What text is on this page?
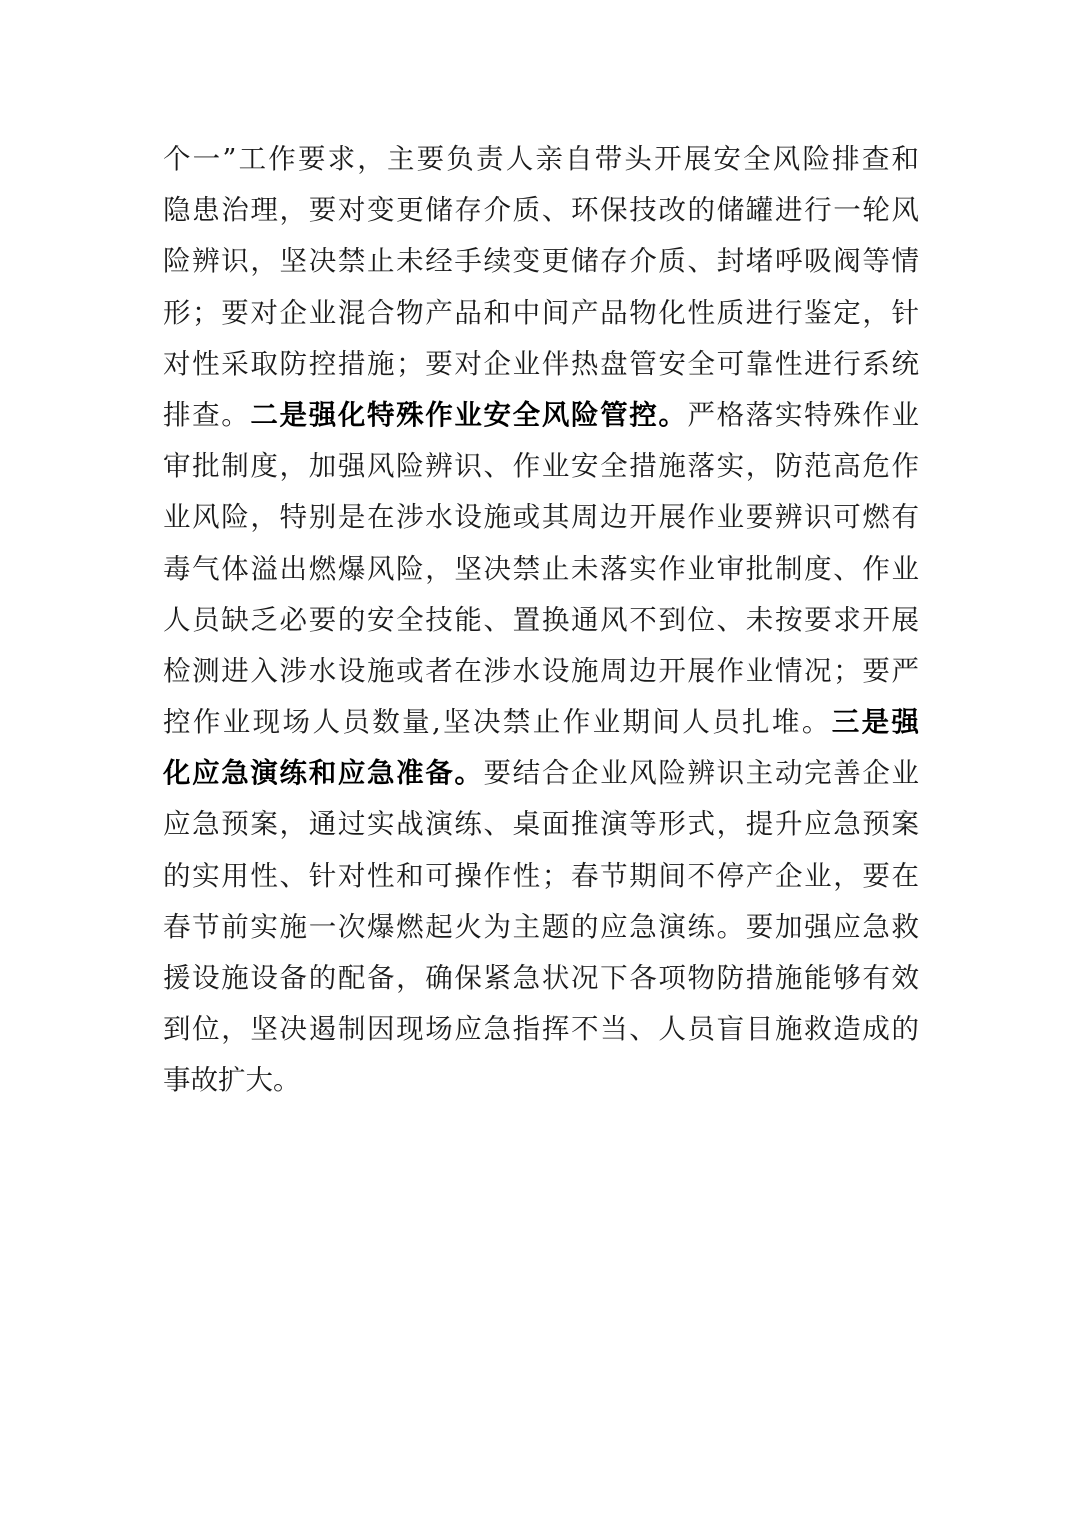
个一”工作要求，主要负责人亲自带头开展安全风险排查和
隐患治理，要对变更储存介质、环保技改的储罐进行一轮风
险辨识，坚决禁止未经手续变更储存介质、封堵呼吸阀等情
形；要对企业混合物产品和中间产品物化性质进行鉴定，针
对性采取防控措施；要对企业伴热盘管安全可靠性进行系统
排查。二是强化特殊作业安全风险管控。严格落实特殊作业
审批制度，加强风险辨识、作业安全措施落实，防范高危作
业风险，特别是在涉水设施或其周边开展作业要辨识可燃有
毒气体溢出燃爆风险，坚决禁止未落实作业审批制度、作业
人员缺乏必要的安全技能、置换通风不到位、未按要求开展
检测进入涉水设施或者在涉水设施周边开展作业情况；要严
控作业现场人员数量,坚决禁止作业期间人员扎堆。三是强
化应急演练和应急准备。要结合企业风险辨识主动完善企业
应急预案，通过实战演练、桌面推演等形式，提升应急预案
的实用性、针对性和可操作性；春节期间不停产企业，要在
春节前实施一次爆燃起火为主题的应急演练。要加强应急救
援设施设备的配备，确保紧急状况下各项物防措施能够有效
到位，坚决遏制因现场应急指挥不当、人员盲目施救造成的
事故扩大。
